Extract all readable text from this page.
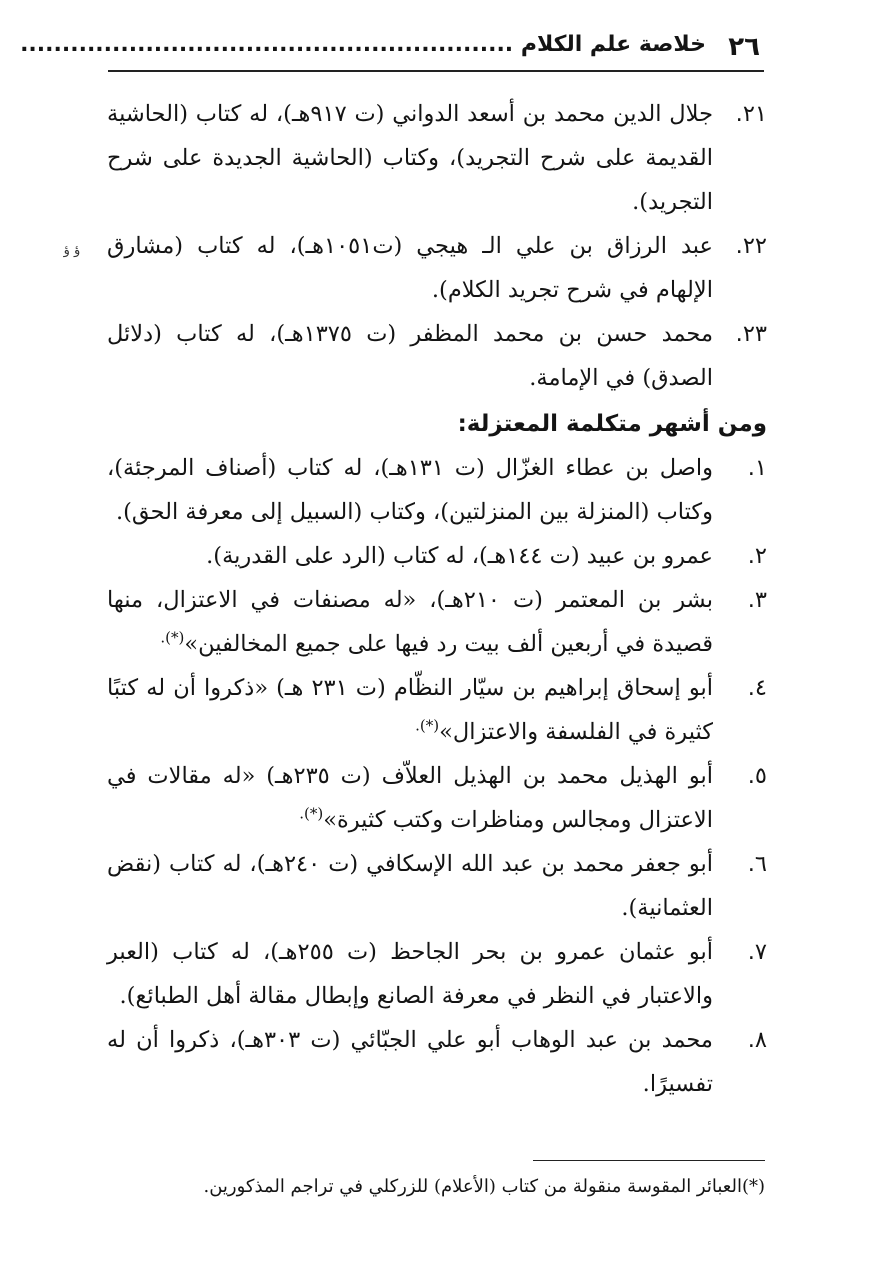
٢٦
خلاصة علم الكلام ...........................................................
ؤ ؤ

٢١.
جلال الدين محمد بن أسعد الدواني (ت ٩١٧هـ)، له كتاب (الحاشية القديمة على شرح التجريد)، وكتاب (الحاشية الجديدة على شرح التجريد).

٢٢.
عبد الرزاق بن علي الـ هيجي (ت١٠٥١هـ)، له كتاب (مشارق الإلهام في شرح تجريد الكلام).

٢٣.
محمد حسن بن محمد المظفر (ت ١٣٧٥هـ)، له كتاب (دلائل الصدق) في الإمامة.

ومن أشهر متكلمة المعتزلة:

١.
واصل بن عطاء الغزّال (ت ١٣١هـ)، له كتاب (أصناف المرجئة)، وكتاب (المنزلة بين المنزلتين)، وكتاب (السبيل إلى معرفة الحق).

٢.
عمرو بن عبيد (ت ١٤٤هـ)، له كتاب (الرد على القدرية).

٣.
بشر بن المعتمر (ت ٢١٠هـ)، «له مصنفات في الاعتزال، منها قصيدة في أربعين ألف بيت رد فيها على جميع المخالفين»(*).

٤.
أبو إسحاق إبراهيم بن سيّار النظّام (ت ٢٣١ هـ) «ذكروا أن له كتبًا كثيرة في الفلسفة والاعتزال»(*).

٥.
أبو الهذيل محمد بن الهذيل العلاّف (ت ٢٣٥هـ) «له مقالات في الاعتزال ومجالس ومناظرات وكتب كثيرة»(*).

٦.
أبو جعفر محمد بن عبد الله الإسكافي (ت ٢٤٠هـ)، له كتاب (نقض العثمانية).

٧.
أبو عثمان عمرو بن بحر الجاحظ (ت ٢٥٥هـ)، له كتاب (العبر والاعتبار في النظر في معرفة الصانع وإبطال مقالة أهل الطبائع).

٨.
محمد بن عبد الوهاب أبو علي الجبّائي (ت ٣٠٣هـ)، ذكروا أن له تفسيرًا.

(*)العبائر المقوسة منقولة من كتاب (الأعلام) للزركلي في تراجم المذكورين.
